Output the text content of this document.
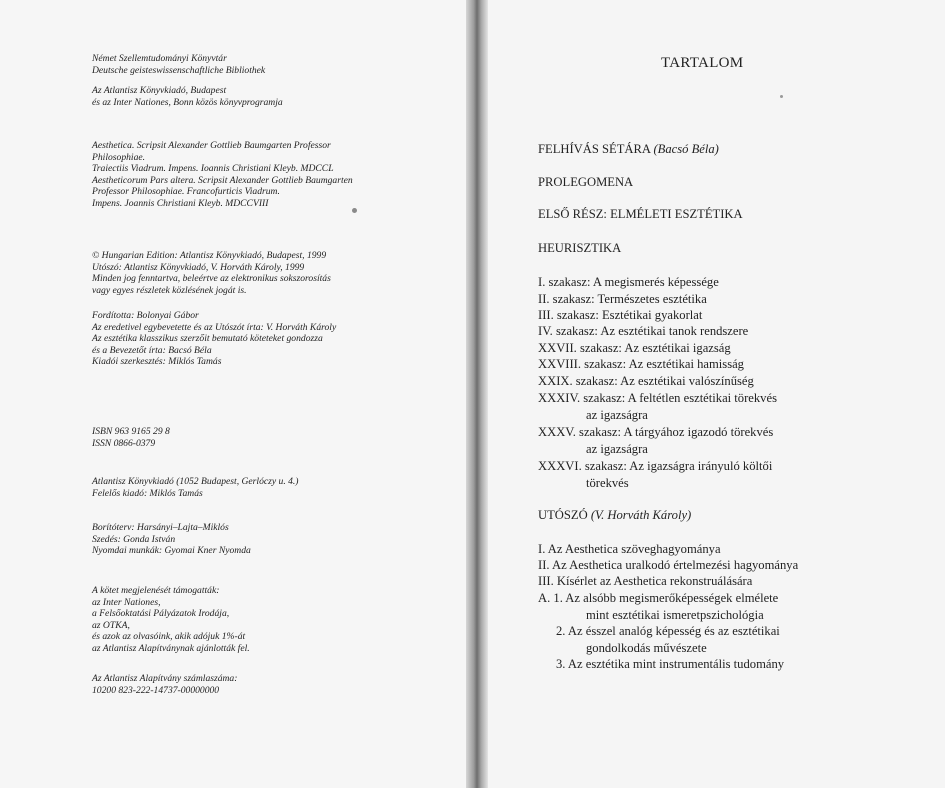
Német Szellemtudományi Könyvtár
Deutsche geisteswissenschaftliche Bibliothek
Az Atlantisz Könyvkiadó, Budapest
és az Inter Nationes, Bonn közös könyvprogramja
Aesthetica. Scripsit Alexander Gottlieb Baumgarten Professor
Philosophiae.
Traiectiis Viadrum. Impens. Ioannis Christiani Kleyb. MDCCL
Aestheticorum Pars altera. Scripsit Alexander Gottlieb Baumgarten
Professor Philosophiae. Francofurticis Viadrum.
Impens. Joannis Christiani Kleyb. MDCCVIII
© Hungarian Edition: Atlantisz Könyvkiadó, Budapest, 1999
Utószó: Atlantisz Könyvkiadó, V. Horváth Károly, 1999
Minden jog fenntartva, beleértve az elektronikus sokszorosítás
vagy egyes részletek közlésének jogát is.
Fordította: Bolonyai Gábor
Az eredetivel egybevetette és az Utószót írta: V. Horváth Károly
Az esztétika klasszikus szerzőit bemutató köteteket gondozza
és a Bevezetőt írta: Bacsó Béla
Kiadói szerkesztés: Miklós Tamás
ISBN 963 9165 29 8
ISSN 0866-0379
Atlantisz Könyvkiadó (1052 Budapest, Gerlóczy u. 4.)
Felelős kiadó: Miklós Tamás
Borítóterv: Harsányi–Lajta–Miklós
Szedés: Gonda István
Nyomdai munkák: Gyomai Kner Nyomda
A kötet megjelenését támogatták:
az Inter Nationes,
a Felsőoktatási Pályázatok Irodája,
az OTKA,
és azok az olvasóink, akik adójuk 1%-át
az Atlantisz Alapítványnak ajánlották fel.
Az Atlantisz Alapítvány számlaszáma:
10200 823-222-14737-00000000
TARTALOM
FELHÍVÁS SÉTÁRA (Bacsó Béla)
PROLEGOMENA
ELSŐ RÉSZ: ELMÉLETI ESZTÉTIKA
HEURISZTIKA
I. szakasz: A megismerés képessége
II. szakasz: Természetes esztétika
III. szakasz: Esztétikai gyakorlat
IV. szakasz: Az esztétikai tanok rendszere
XXVII. szakasz: Az esztétikai igazság
XXVIII. szakasz: Az esztétikai hamisság
XXIX. szakasz: Az esztétikai valószínűség
XXXIV. szakasz: A feltétlen esztétikai törekvés
az igazságra
XXXV. szakasz: A tárgyához igazodó törekvés
az igazságra
XXXVI. szakasz: Az igazságra irányuló költői
törekvés
UTÓSZÓ (V. Horváth Károly)
I. Az Aesthetica szöveghagyománya
II. Az Aesthetica uralkodó értelmezési hagyománya
III. Kísérlet az Aesthetica rekonstruálására
A. 1. Az alsóbb megismerőképességek elmélete
mint esztétikai ismeretpszichológia
2. Az ésszel analóg képesség és az esztétikai
gondolkodás művészete
3. Az esztétika mint instrumentális tudomány
